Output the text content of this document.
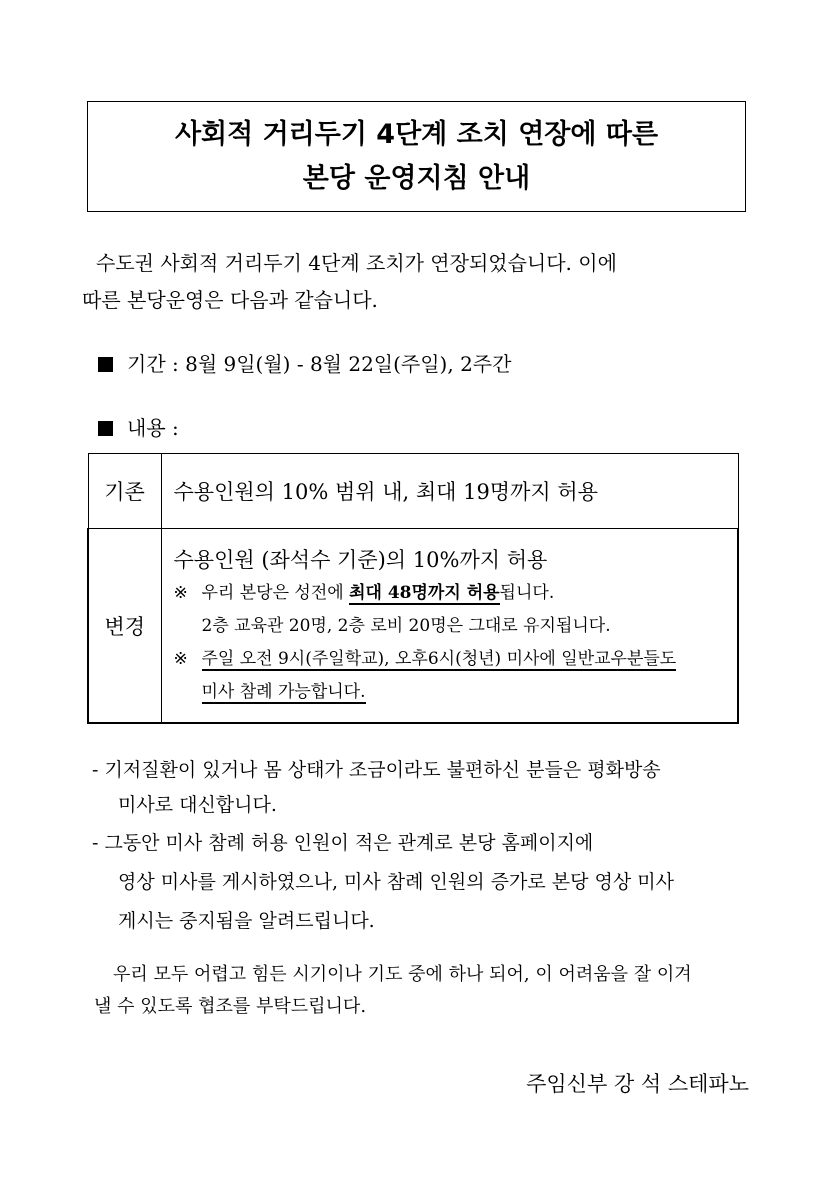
사회적 거리두기 4단계 조치 연장에 따른
본당 운영지침 안내
수도권 사회적 거리두기 4단계 조치가 연장되었습니다. 이에
따른 본당운영은 다음과 같습니다.
기간 : 8월 9일(월) - 8월 22일(주일), 2주간
내용 :
기존	수용인원의 10% 범위 내, 최대 19명까지 허용
변경	수용인원 (좌석수 기준)의 10%까지 허용
※ 우리 본당은 성전에 최대 48명까지 허용됩니다.
2층 교육관 20명, 2층 로비 20명은 그대로 유지됩니다.
※ 주일 오전 9시(주일학교), 오후6시(청년) 미사에 일반교우분들도
미사 참례 가능합니다.
- 기저질환이 있거나 몸 상태가 조금이라도 불편하신 분들은 평화방송
미사로 대신합니다.
- 그동안 미사 참례 허용 인원이 적은 관계로 본당 홈페이지에
영상 미사를 게시하였으나, 미사 참례 인원의 증가로 본당 영상 미사
게시는 중지됨을 알려드립니다.
우리 모두 어렵고 힘든 시기이나 기도 중에 하나 되어, 이 어려움을 잘 이겨
낼 수 있도록 협조를 부탁드립니다.
주임신부 강 석 스테파노
